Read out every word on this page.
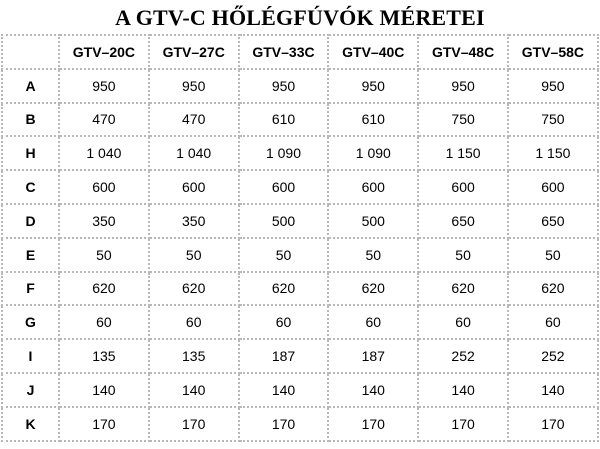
A GTV-C HŐLÉGFÚVÓK MÉRETEI
	GTV–20C	GTV–27C	GTV–33C	GTV–40C	GTV–48C	GTV–58C
A	950	950	950	950	950	950
B	470	470	610	610	750	750
H	1 040	1 040	1 090	1 090	1 150	1 150
C	600	600	600	600	600	600
D	350	350	500	500	650	650
E	50	50	50	50	50	50
F	620	620	620	620	620	620
G	60	60	60	60	60	60
I	135	135	187	187	252	252
J	140	140	140	140	140	140
K	170	170	170	170	170	170
